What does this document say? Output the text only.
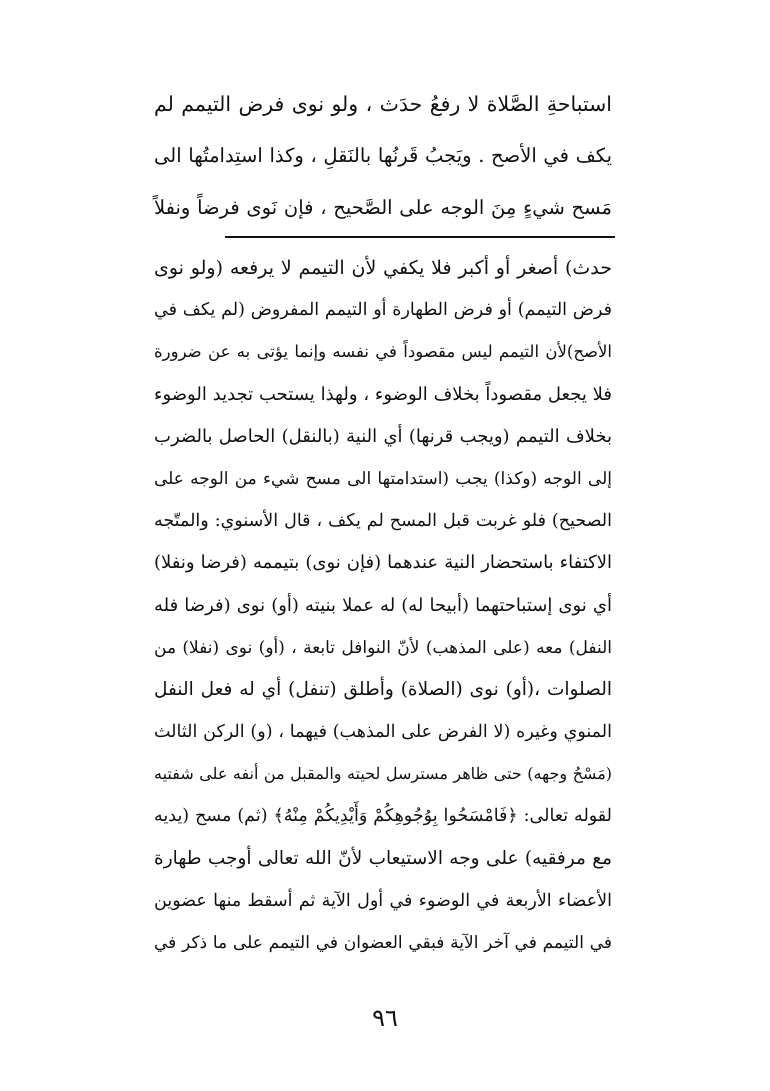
استباحةِ الصَّلاة لا رفعُ حدَث ، ولو نوى فرض التيمم لم
يكف في الأصح . ويَجبُ قَرنُها بالنَقلِ ، وكذا استِدامتُها الى
مَسح شيءٍ مِنَ الوجه على الصَّحيح ، فإن نَوى فرضاً ونفلاً
حدث) أصغر أو أكبر فلا يكفي لأن التيمم لا يرفعه (ولو نوى
فرض التيمم) أو فرض الطهارة أو التيمم المفروض (لم يكف في
الأصح)لأن التيمم ليس مقصوداً في نفسه وإنما يؤتى به عن ضرورة
فلا يجعل مقصوداً بخلاف الوضوء ، ولهذا يستحب تجديد الوضوء
بخلاف التيمم (ويجب قرنها) أي النية (بالنقل) الحاصل بالضرب
إلى الوجه (وكذا) يجب (استدامتها الى مسح شيء من الوجه على
الصحيح) فلو غربت قبل المسح لم يكف ، قال الأسنوي: والمتّجه
الاكتفاء باستحضار النية عندهما (فإن نوى) بتيممه (فرضا ونفلا)
أي نوى إستباحتهما (أبيحا له) له عملا بنيته (أو) نوى (فرضا فله
النفل) معه (على المذهب) لأنّ النوافل تابعة ، (أو) نوى (نفلا) من
الصلوات ،(أو) نوى (الصلاة) وأطلق (تنفل) أي له فعل النفل
المنوي وغيره (لا الفرض على المذهب) فيهما ، (و) الركن الثالث
(مَسْحُ وجهه) حتى ظاهر مسترسل لحيته والمقبل من أنفه على شفتيه
لقوله تعالى: ﴿فَامْسَحُوا بِوُجُوهِكُمْ وَأَيْدِيكُمْ مِنْهُ﴾ (ثم) مسح (يديه
مع مرفقيه) على وجه الاستيعاب لأنّ الله تعالى أوجب طهارة
الأعضاء الأربعة في الوضوء في أول الآية ثم أسقط منها عضوين
في التيمم في آخر الآية فبقي العضوان في التيمم على ما ذكر في
٩٦
